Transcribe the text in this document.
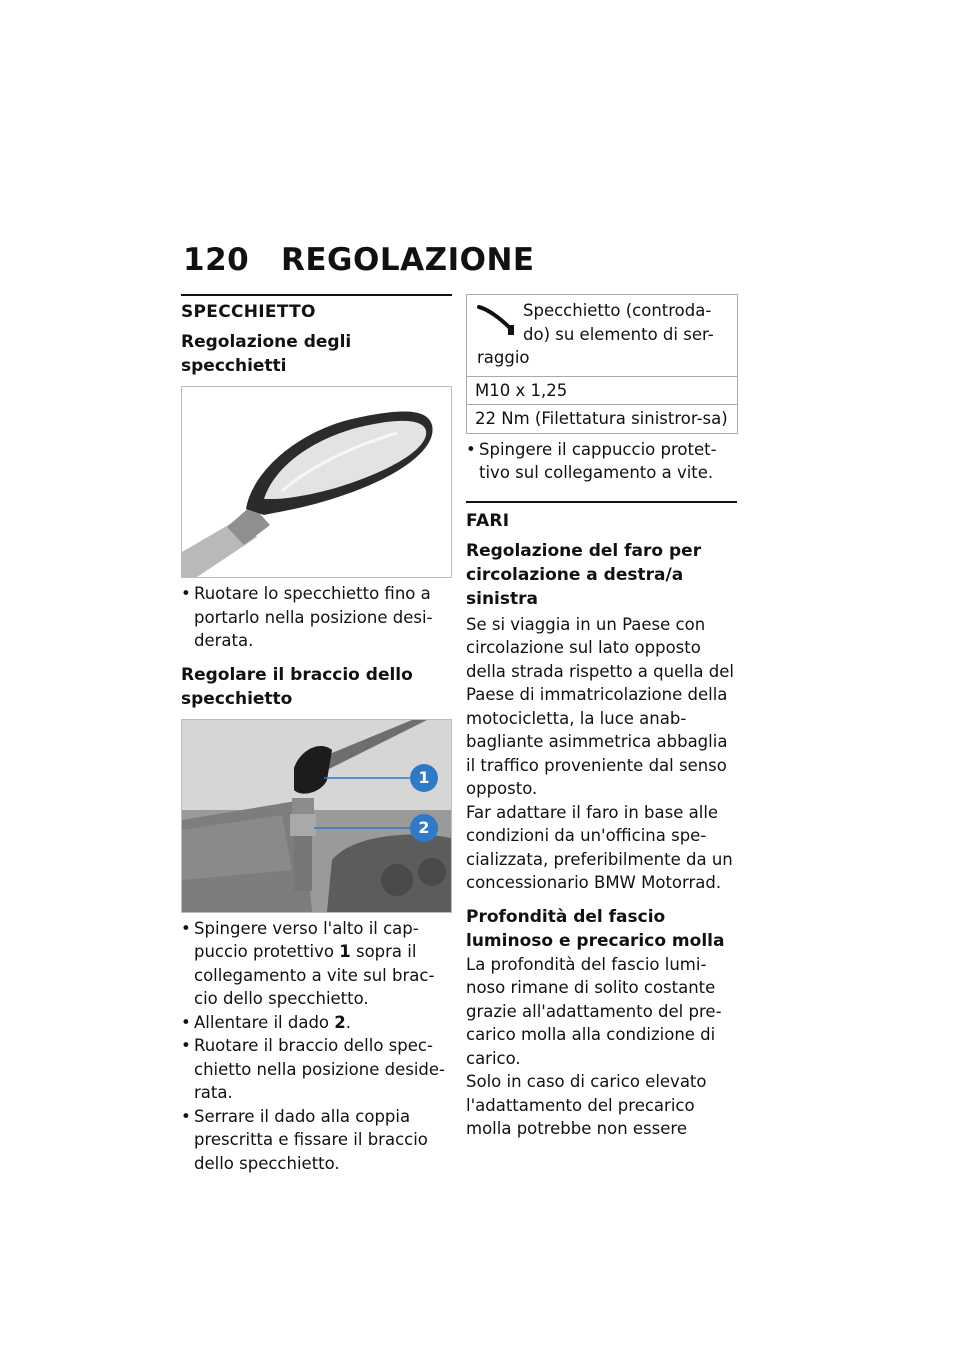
120 REGOLAZIONE
SPECCHIETTO
Regolazione degli specchietti
• Ruotare lo specchietto fino a portarlo nella posizione desi-derata.
Regolare il braccio dello specchietto
1
2
• Spingere verso l'alto il cap-puccio protettivo 1 sopra il collegamento a vite sul brac-cio dello specchietto.
• Allentare il dado 2.
• Ruotare il braccio dello spec-chietto nella posizione deside-rata.
• Serrare il dado alla coppia prescritta e fissare il braccio dello specchietto.
Specchietto (controda-do) su elemento di ser-raggio
M10 x 1,25
22 Nm (Filettatura sinistror-sa)
• Spingere il cappuccio protet-tivo sul collegamento a vite.
FARI
Regolazione del faro per circolazione a destra/a sinistra

Se si viaggia in un Paese con circolazione sul lato opposto della strada rispetto a quella del Paese di immatricolazione della motocicletta, la luce anab-bagliante asimmetrica abbaglia il traffico proveniente dal senso opposto.

Far adattare il faro in base alle condizioni da un'officina spe-cializzata, preferibilmente da un concessionario BMW Motorrad.

Profondità del fascio luminoso e precarico molla

La profondità del fascio lumi-noso rimane di solito costante grazie all'adattamento del pre-carico molla alla condizione di carico.

Solo in caso di carico elevato l'adattamento del precarico molla potrebbe non essere
